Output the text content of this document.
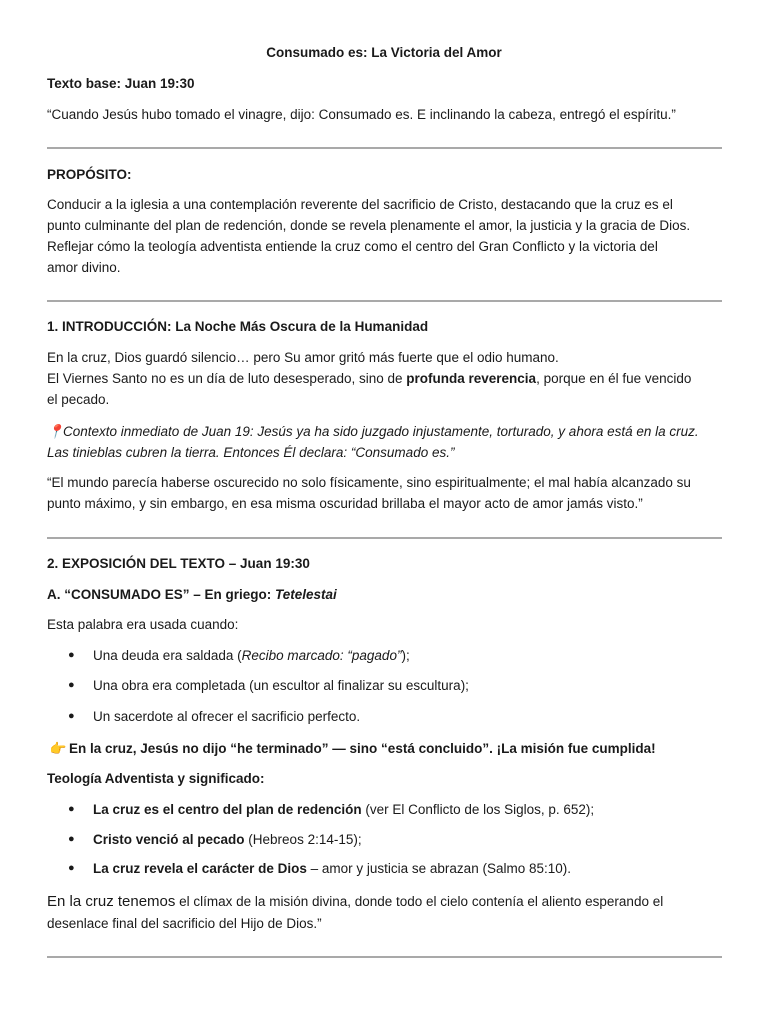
Consumado es: La Victoria del Amor
Texto base: Juan 19:30
“Cuando Jesús hubo tomado el vinagre, dijo: Consumado es. E inclinando la cabeza, entregó el espíritu.”
PROPÓSITO:
Conducir a la iglesia a una contemplación reverente del sacrificio de Cristo, destacando que la cruz es el
punto culminante del plan de redención, donde se revela plenamente el amor, la justicia y la gracia de Dios.
Reflejar cómo la teología adventista entiende la cruz como el centro del Gran Conflicto y la victoria del
amor divino.
1. INTRODUCCIÓN: La Noche Más Oscura de la Humanidad
En la cruz, Dios guardó silencio… pero Su amor gritó más fuerte que el odio humano.
El Viernes Santo no es un día de luto desesperado, sino de profunda reverencia, porque en él fue vencido
el pecado.
📍Contexto inmediato de Juan 19: Jesús ya ha sido juzgado injustamente, torturado, y ahora está en la cruz.
Las tinieblas cubren la tierra. Entonces Él declara: “Consumado es.”
“El mundo parecía haberse oscurecido no solo físicamente, sino espiritualmente; el mal había alcanzado su
punto máximo, y sin embargo, en esa misma oscuridad brillaba el mayor acto de amor jamás visto.”
2. EXPOSICIÓN DEL TEXTO – Juan 19:30
A. “CONSUMADO ES” – En griego: Tetelestai
Esta palabra era usada cuando:
● Una deuda era saldada (Recibo marcado: “pagado”);
● Una obra era completada (un escultor al finalizar su escultura);
● Un sacerdote al ofrecer el sacrificio perfecto.
👉 En la cruz, Jesús no dijo “he terminado” — sino “está concluido”. ¡La misión fue cumplida!
Teología Adventista y significado:
● La cruz es el centro del plan de redención (ver El Conflicto de los Siglos, p. 652);
● Cristo venció al pecado (Hebreos 2:14-15);
● La cruz revela el carácter de Dios – amor y justicia se abrazan (Salmo 85:10).
En la cruz tenemos el clímax de la misión divina, donde todo el cielo contenía el aliento esperando el
desenlace final del sacrificio del Hijo de Dios.”
